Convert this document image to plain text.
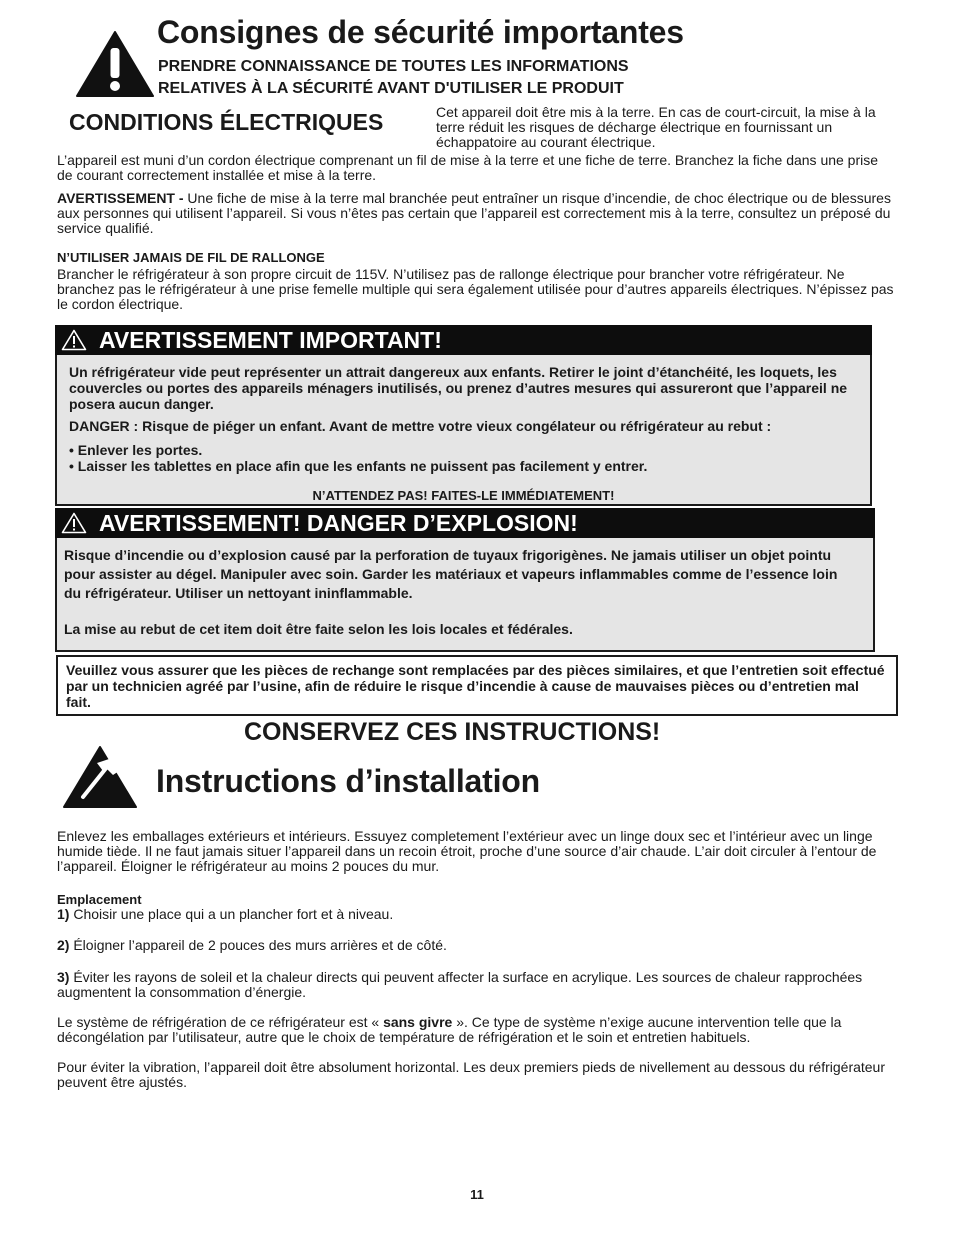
Consignes de sécurité importantes
PRENDRE CONNAISSANCE DE TOUTES LES INFORMATIONS
RELATIVES À LA SÉCURITÉ AVANT D'UTILISER LE PRODUIT
CONDITIONS ÉLECTRIQUES	Cet appareil doit être mis à la terre. En cas de court-circuit, la mise à la terre réduit les risques de décharge électrique en fournissant un échappatoire au courant électrique.
L’appareil est muni d’un cordon électrique comprenant un fil de mise à la terre et une fiche de terre. Branchez la fiche dans une prise de courant correctement installée et mise à la terre.
AVERTISSEMENT - Une fiche de mise à la terre mal branchée peut entraîner un risque d’incendie, de choc électrique ou de blessures aux personnes qui utilisent l’appareil. Si vous n’êtes pas certain que l’appareil est correctement mis à la terre, consultez un préposé du service qualifié.
N’UTILISER JAMAIS DE FIL DE RALLONGE
Brancher le réfrigérateur à son propre circuit de 115V. N’utilisez pas de rallonge électrique pour brancher votre réfrigérateur. Ne branchez pas le réfrigérateur à une prise femelle multiple qui sera également utilisée pour d’autres appareils électriques. N’épissez pas le cordon électrique.
AVERTISSEMENT IMPORTANT!
Un réfrigérateur vide peut représenter un attrait dangereux aux enfants. Retirer le joint d’étanchéité, les loquets, les couvercles ou portes des appareils ménagers inutilisés, ou prenez d’autres mesures qui assureront que l’appareil ne posera aucun danger.
DANGER : Risque de piéger un enfant. Avant de mettre votre vieux congélateur ou réfrigérateur au rebut :
• Enlever les portes.
• Laisser les tablettes en place afin que les enfants ne puissent pas facilement y entrer.
N’ATTENDEZ PAS! FAITES-LE IMMÉDIATEMENT!
AVERTISSEMENT! DANGER D’EXPLOSION!
Risque d’incendie ou d’explosion causé par la perforation de tuyaux frigorigènes. Ne jamais utiliser un objet pointu pour assister au dégel. Manipuler avec soin. Garder les matériaux et vapeurs inflammables comme de l’essence loin du réfrigérateur. Utiliser un nettoyant ininflammable.
La mise au rebut de cet item doit être faite selon les lois locales et fédérales.
Veuillez vous assurer que les pièces de rechange sont remplacées par des pièces similaires, et que l’entretien soit effectué par un technicien agréé par l’usine, afin de réduire le risque d’incendie à cause de mauvaises pièces ou d’entretien mal fait.
CONSERVEZ CES INSTRUCTIONS!
Instructions d’installation
Enlevez les emballages extérieurs et intérieurs. Essuyez completement l’extérieur avec un linge doux sec et l’intérieur avec un linge humide tiède. Il ne faut jamais situer l’appareil dans un recoin étroit, proche d’une source d’air chaude. L’air doit circuler à l’entour de l’appareil. Éloigner le réfrigérateur au moins 2 pouces du mur.
Emplacement
1) Choisir une place qui a un plancher fort et à niveau.
2) Éloigner l’appareil de 2 pouces des murs arrières et de côté.
3) Éviter les rayons de soleil et la chaleur directs qui peuvent affecter la surface en acrylique. Les sources de chaleur rapprochées augmentent la consommation d’énergie.
Le système de réfrigération de ce réfrigérateur est « sans givre ». Ce type de système n’exige aucune intervention telle que la décongélation par l’utilisateur, autre que le choix de température de réfrigération et le soin et entretien habituels.
Pour éviter la vibration, l’appareil doit être absolument horizontal. Les deux premiers pieds de nivellement au dessous du réfrigérateur peuvent être ajustés.
11
